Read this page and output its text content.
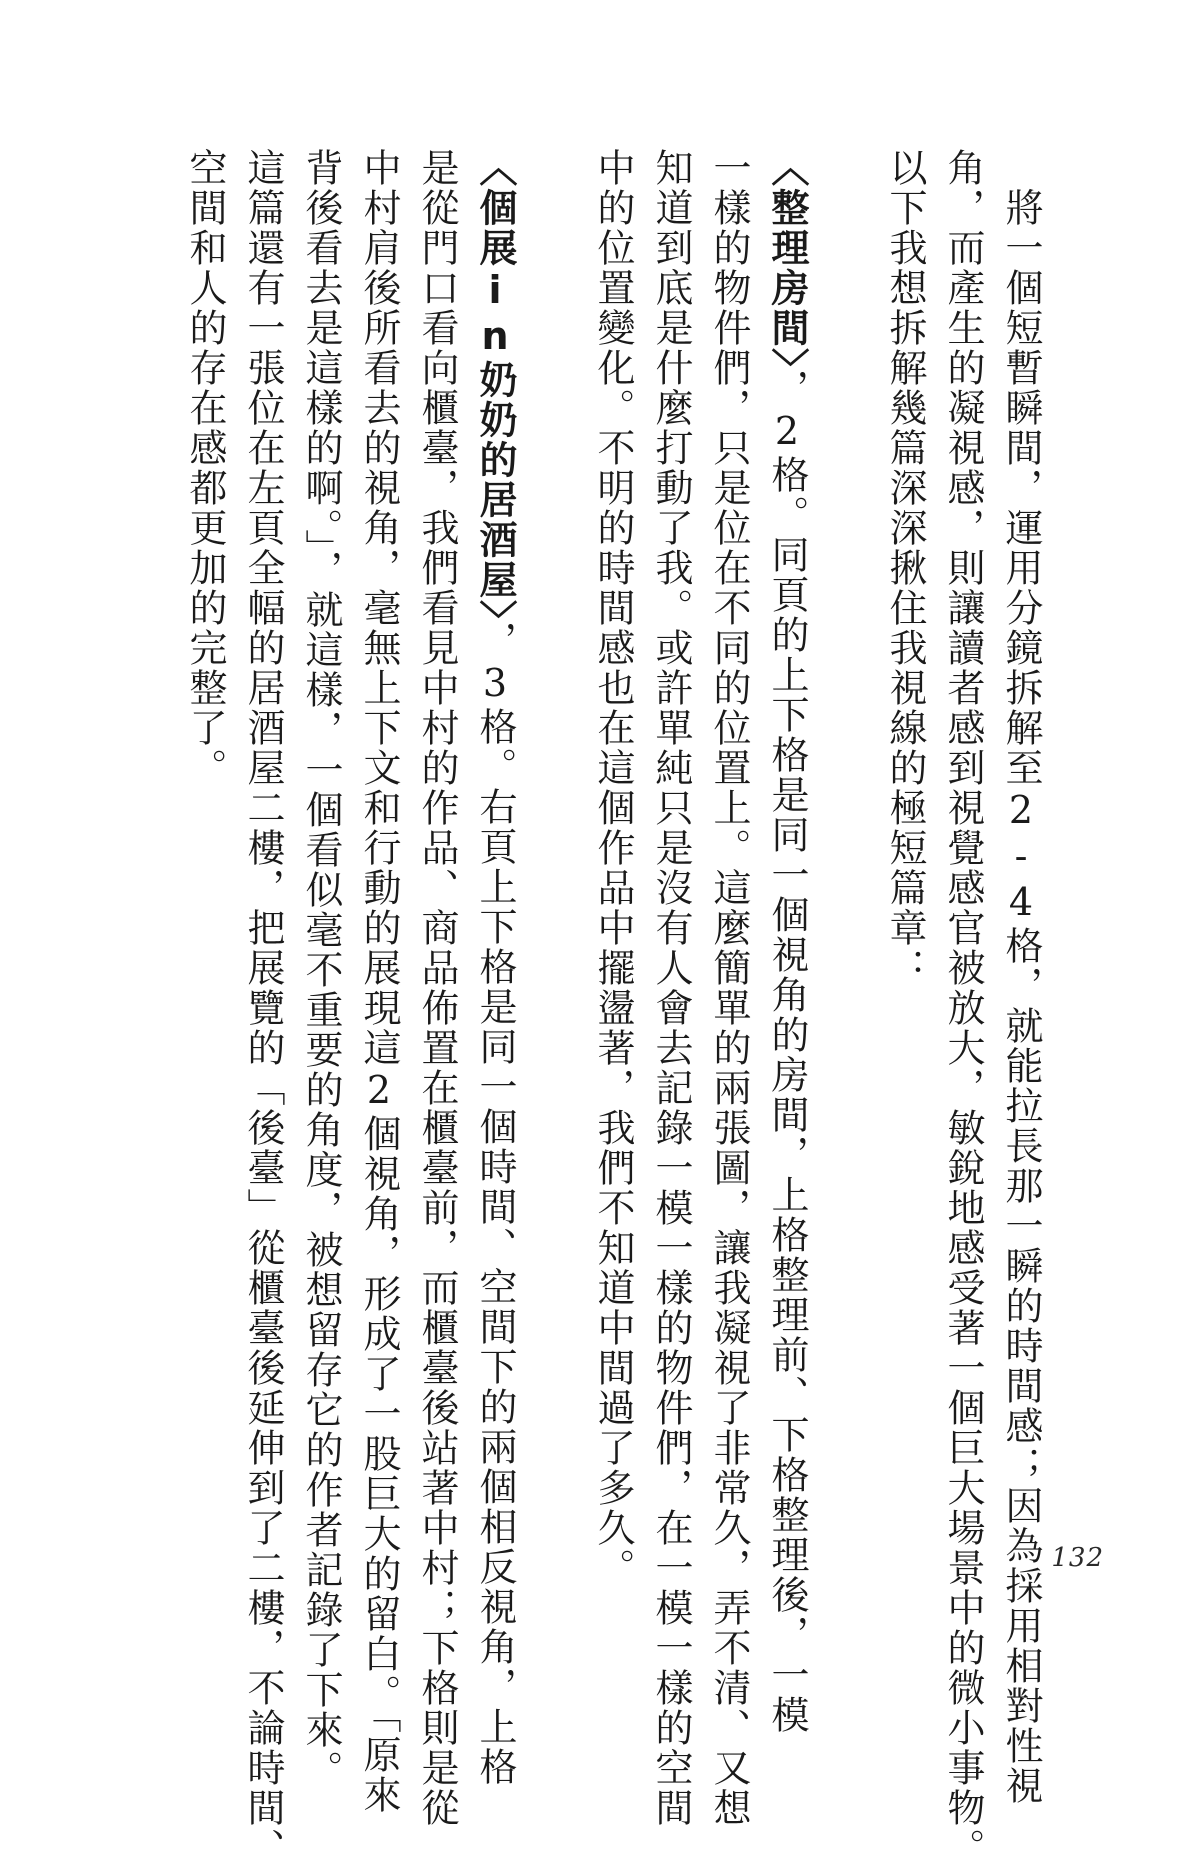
　將一個短暫瞬間，運用分鏡拆解至2-4格，就能拉長那一瞬的時間感；因為採用相對性視
角，而產生的凝視感，則讓讀者感到視覺感官被放大，敏銳地感受著一個巨大場景中的微小事物。
以下我想拆解幾篇深深揪住我視線的極短篇章：
〈整理房間〉，2格。同頁的上下格是同一個視角的房間，上格整理前、下格整理後，一模
一樣的物件們，只是位在不同的位置上。這麼簡單的兩張圖，讓我凝視了非常久，弄不清、又想
知道到底是什麼打動了我。或許單純只是沒有人會去記錄一模一樣的物件們，在一模一樣的空間
中的位置變化。不明的時間感也在這個作品中擺盪著，我們不知道中間過了多久。
〈個展in奶奶的居酒屋〉，3格。右頁上下格是同一個時間、空間下的兩個相反視角，上格
是從門口看向櫃臺，我們看見中村的作品、商品佈置在櫃臺前，而櫃臺後站著中村；下格則是從
中村肩後所看去的視角，毫無上下文和行動的展現這2個視角，形成了一股巨大的留白。「原來
背後看去是這樣的啊。」，就這樣，一個看似毫不重要的角度，被想留存它的作者記錄了下來。
這篇還有一張位在左頁全幅的居酒屋二樓，把展覽的「後臺」從櫃臺後延伸到了二樓，不論時間、
空間和人的存在感都更加的完整了。
132
